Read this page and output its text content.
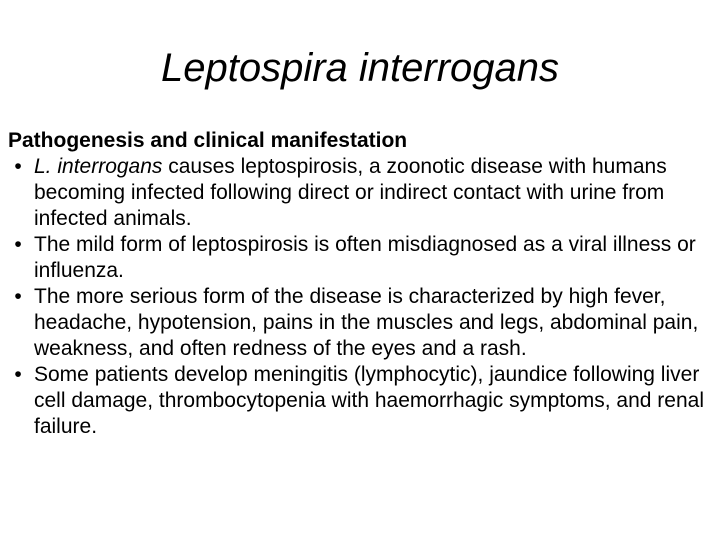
Leptospira interrogans

Pathogenesis and clinical manifestation

• L. interrogans causes leptospirosis, a zoonotic disease with humans becoming infected following direct or indirect contact with urine from infected animals.
• The mild form of leptospirosis is often misdiagnosed as a viral illness or influenza.
• The more serious form of the disease is characterized by high fever, headache, hypotension, pains in the muscles and legs, abdominal pain, weakness, and often redness of the eyes and a rash.
• Some patients develop meningitis (lymphocytic), jaundice following liver cell damage, thrombocytopenia with haemorrhagic symptoms, and renal failure.
